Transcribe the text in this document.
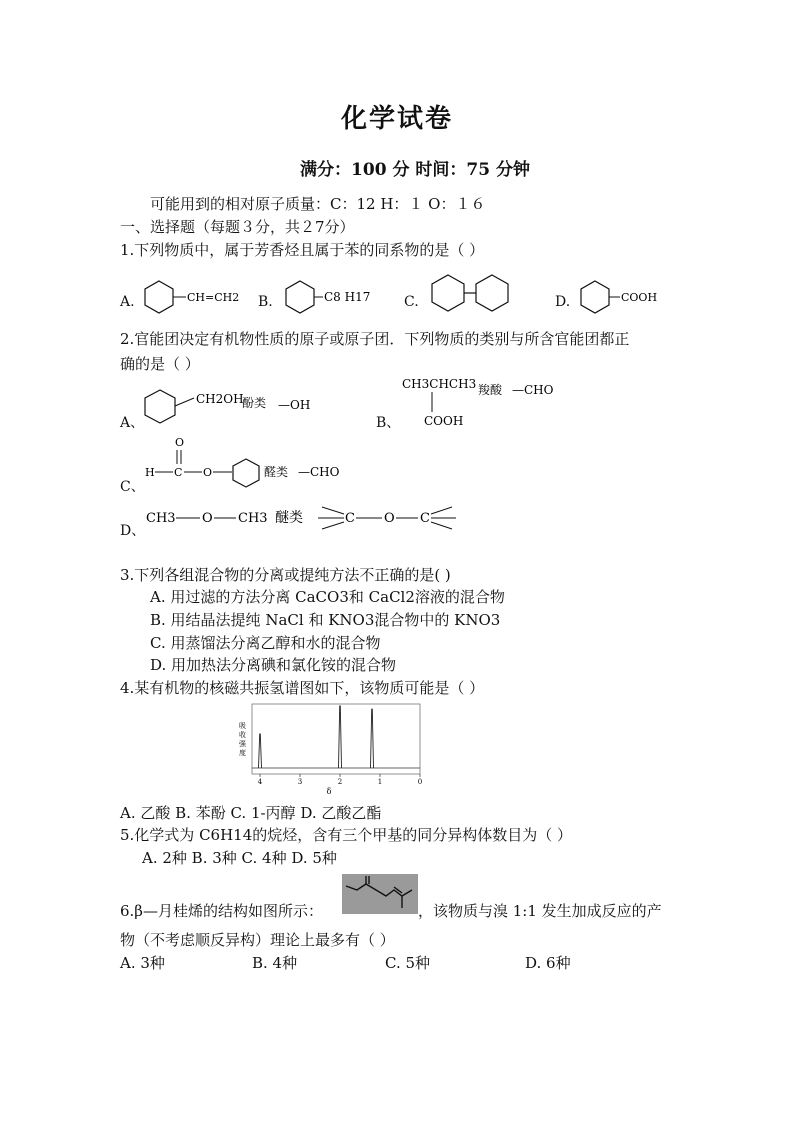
化学试卷
满分：100 分 时间：75 分钟
可能用到的相对原子质量：C：12 H：１ O：１６
一、选择题（每题３分，共２7分）
1.下列物质中，属于芳香烃且属于苯的同系物的是（ ）
A.	CH=CH2 B.	C8 H17 C.	D.	COOH
2.官能团决定有机物性质的原子或原子团．下列物质的类别与所含官能团都正
确的是（ ）
A、
CH2OH
酚类 —OH
B、
CH3CHCH3
COOH
羧酸 —CHO
C、
O
H C O	醛类 —CHO
D、
CH3 O CH3 醚类	C O C
3.下列各组混合物的分离或提纯方法不正确的是( )
A. 用过滤的方法分离 CaCO3和 CaCl2溶液的混合物
B. 用结晶法提纯 NaCl 和 KNO3混合物中的 KNO3
C. 用蒸馏法分离乙醇和水的混合物
D. 用加热法分离碘和氯化铵的混合物
4.某有机物的核磁共振氢谱图如下，该物质可能是（ ）
吸
收
强
度
4	3	2	1	0
δ
A. 乙酸 B. 苯酚 C. 1-丙醇 D. 乙酸乙酯
5.化学式为 C6H14的烷烃，含有三个甲基的同分异构体数目为（ ）
A. 2种 B. 3种 C. 4种 D. 5种
6.β—月桂烯的结构如图所示：	，该物质与溴 1:1 发生加成反应的产
物（不考虑顺反异构）理论上最多有（ ）
A. 3种	B. 4种	C. 5种	D. 6种
